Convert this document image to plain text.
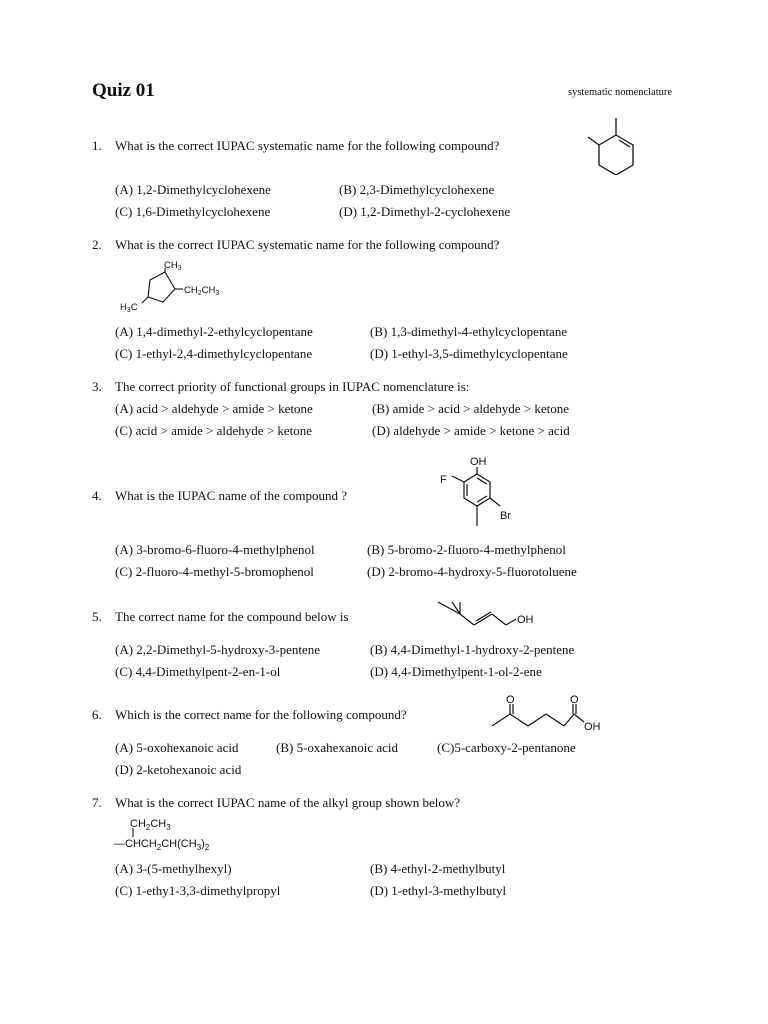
Quiz 01	systematic nomenclature
1. What is the correct IUPAC systematic name for the following compound?
(A) 1,2-Dimethylcyclohexene	(B) 2,3-Dimethylcyclohexene
(C) 1,6-Dimethylcyclohexene	(D) 1,2-Dimethyl-2-cyclohexene
2. What is the correct IUPAC systematic name for the following compound?
$CH_3$
$CH_2CH_3$
$H_3C$
(A) 1,4-dimethyl-2-ethylcyclopentane	(B) 1,3-dimethyl-4-ethylcyclopentane
(C) 1-ethyl-2,4-dimethylcyclopentane	(D) 1-ethyl-3,5-dimethylcyclopentane
3. The correct priority of functional groups in IUPAC nomenclature is:
(A) acid > aldehyde > amide > ketone	(B) amide > acid > aldehyde > ketone
(C) acid > amide > aldehyde > ketone	(D) aldehyde > amide > ketone > acid
4. What is the IUPAC name of the compound ?
OH
F
Br
(A) 3-bromo-6-fluoro-4-methylphenol	(B) 5-bromo-2-fluoro-4-methylphenol
(C) 2-fluoro-4-methyl-5-bromophenol	(D) 2-bromo-4-hydroxy-5-fluorotoluene
5. The correct name for the compound below is	OH
(A) 2,2-Dimethyl-5-hydroxy-3-pentene	(B) 4,4-Dimethyl-1-hydroxy-2-pentene
(C) 4,4-Dimethylpent-2-en-1-ol	(D) 4,4-Dimethylpent-1-ol-2-ene
6. Which is the correct name for the following compound?
O	O
OH
(A) 5-oxohexanoic acid	(B) 5-oxahexanoic acid	(C)5-carboxy-2-pentanone
(D) 2-ketohexanoic acid
7. What is the correct IUPAC name of the alkyl group shown below?
$CH_2CH_3$
$—CHCH_2CH(CH_3)_2$
(A) 3-(5-methylhexyl)	(B) 4-ethyl-2-methylbutyl
(C) 1-ethy1-3,3-dimethylpropyl	(D) 1-ethyl-3-methylbutyl
